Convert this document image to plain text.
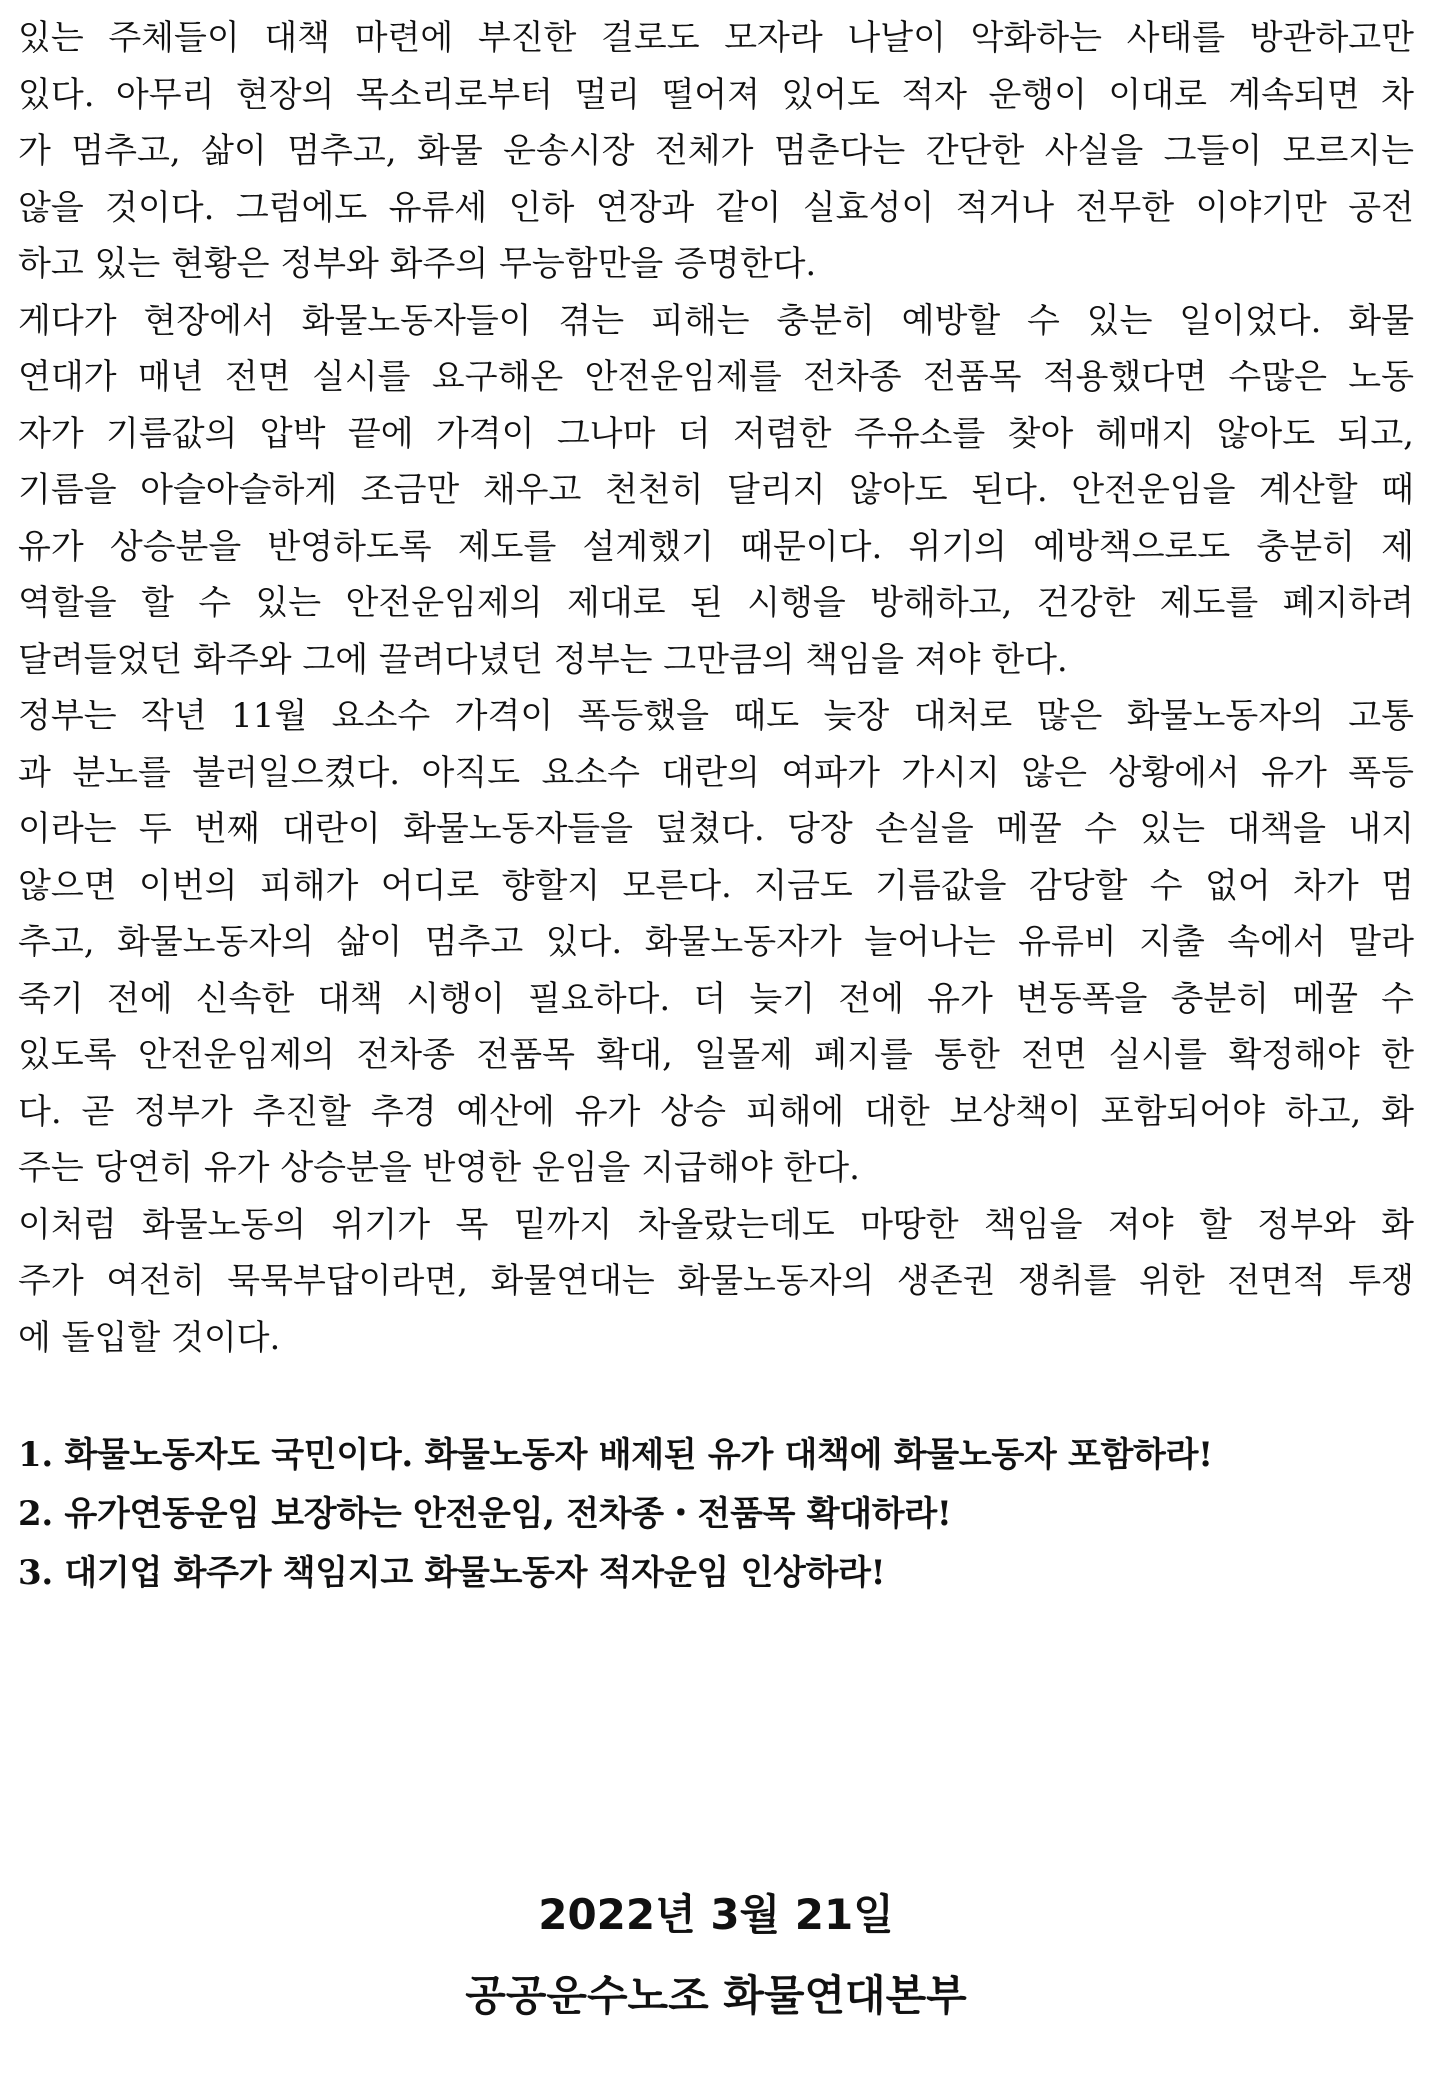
있는 주체들이 대책 마련에 부진한 걸로도 모자라 나날이 악화하는 사태를 방관하고만
있다. 아무리 현장의 목소리로부터 멀리 떨어져 있어도 적자 운행이 이대로 계속되면 차
가 멈추고, 삶이 멈추고, 화물 운송시장 전체가 멈춘다는 간단한 사실을 그들이 모르지는
않을 것이다. 그럼에도 유류세 인하 연장과 같이 실효성이 적거나 전무한 이야기만 공전
하고 있는 현황은 정부와 화주의 무능함만을 증명한다.
게다가 현장에서 화물노동자들이 겪는 피해는 충분히 예방할 수 있는 일이었다. 화물
연대가 매년 전면 실시를 요구해온 안전운임제를 전차종 전품목 적용했다면 수많은 노동
자가 기름값의 압박 끝에 가격이 그나마 더 저렴한 주유소를 찾아 헤매지 않아도 되고,
기름을 아슬아슬하게 조금만 채우고 천천히 달리지 않아도 된다. 안전운임을 계산할 때
유가 상승분을 반영하도록 제도를 설계했기 때문이다. 위기의 예방책으로도 충분히 제
역할을 할 수 있는 안전운임제의 제대로 된 시행을 방해하고, 건강한 제도를 폐지하려
달려들었던 화주와 그에 끌려다녔던 정부는 그만큼의 책임을 져야 한다.
정부는 작년 11월 요소수 가격이 폭등했을 때도 늦장 대처로 많은 화물노동자의 고통
과 분노를 불러일으켰다. 아직도 요소수 대란의 여파가 가시지 않은 상황에서 유가 폭등
이라는 두 번째 대란이 화물노동자들을 덮쳤다. 당장 손실을 메꿀 수 있는 대책을 내지
않으면 이번의 피해가 어디로 향할지 모른다. 지금도 기름값을 감당할 수 없어 차가 멈
추고, 화물노동자의 삶이 멈추고 있다. 화물노동자가 늘어나는 유류비 지출 속에서 말라
죽기 전에 신속한 대책 시행이 필요하다. 더 늦기 전에 유가 변동폭을 충분히 메꿀 수
있도록 안전운임제의 전차종 전품목 확대, 일몰제 폐지를 통한 전면 실시를 확정해야 한
다. 곧 정부가 추진할 추경 예산에 유가 상승 피해에 대한 보상책이 포함되어야 하고, 화
주는 당연히 유가 상승분을 반영한 운임을 지급해야 한다.
이처럼 화물노동의 위기가 목 밑까지 차올랐는데도 마땅한 책임을 져야 할 정부와 화
주가 여전히 묵묵부답이라면, 화물연대는 화물노동자의 생존권 쟁취를 위한 전면적 투쟁
에 돌입할 것이다.
1. 화물노동자도 국민이다. 화물노동자 배제된 유가 대책에 화물노동자 포함하라!
2. 유가연동운임 보장하는 안전운임, 전차종・전품목 확대하라!
3. 대기업 화주가 책임지고 화물노동자 적자운임 인상하라!
2022년 3월 21일
공공운수노조 화물연대본부
